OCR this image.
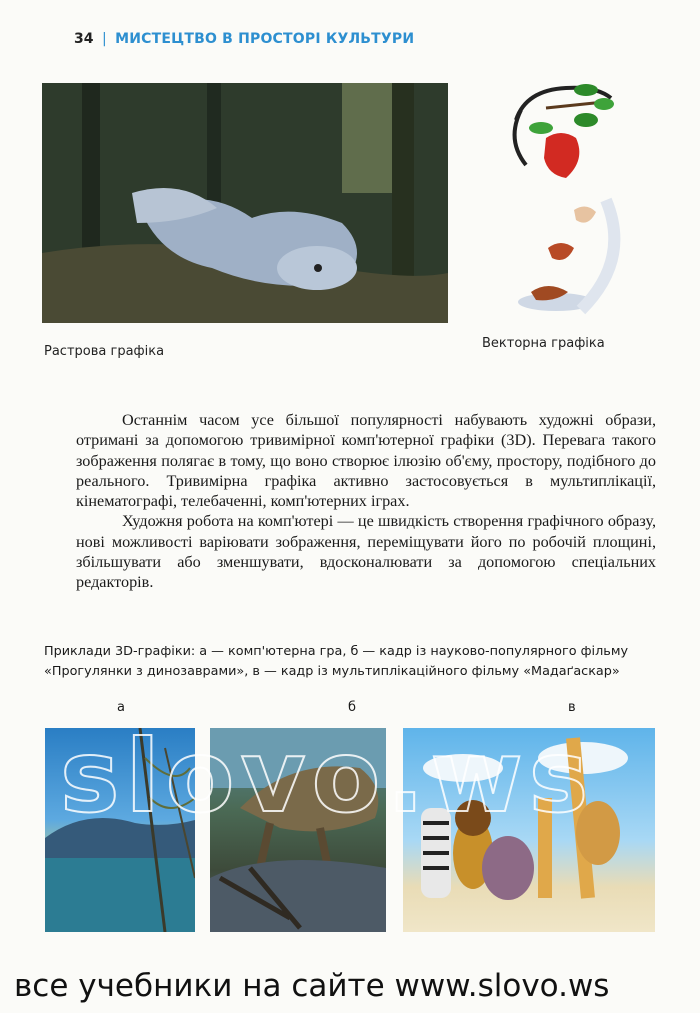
34 | МИСТЕЦТВО В ПРОСТОРІ КУЛЬТУРИ
Растрова графіка
Векторна графіка

Останнім часом усе більшої популярності набувають художні образи, отримані за допомогою тривимірної комп'ютерної графіки (3D). Перевага такого зображення полягає в тому, що воно створює ілюзію об'єму, простору, подібного до реального. Тривимірна графіка активно застосовується в мультиплікації, кінематографі, телебаченні, комп'ютерних іграх.

Художня робота на комп'ютері — це швидкість створення графічного образу, нові можливості варіювати зображення, переміщувати його по робочій площині, збільшувати або зменшувати, вдосконалювати за допомогою спеціальних редакторів.

Приклади 3D-графіки: а — комп'ютерна гра, б — кадр із науково-популярного фільму «Прогулянки з динозаврами», в — кадр із мультиплікаційного фільму «Мадаґаскар»
а	б	в
все учебники на сайте www.slovo.ws
